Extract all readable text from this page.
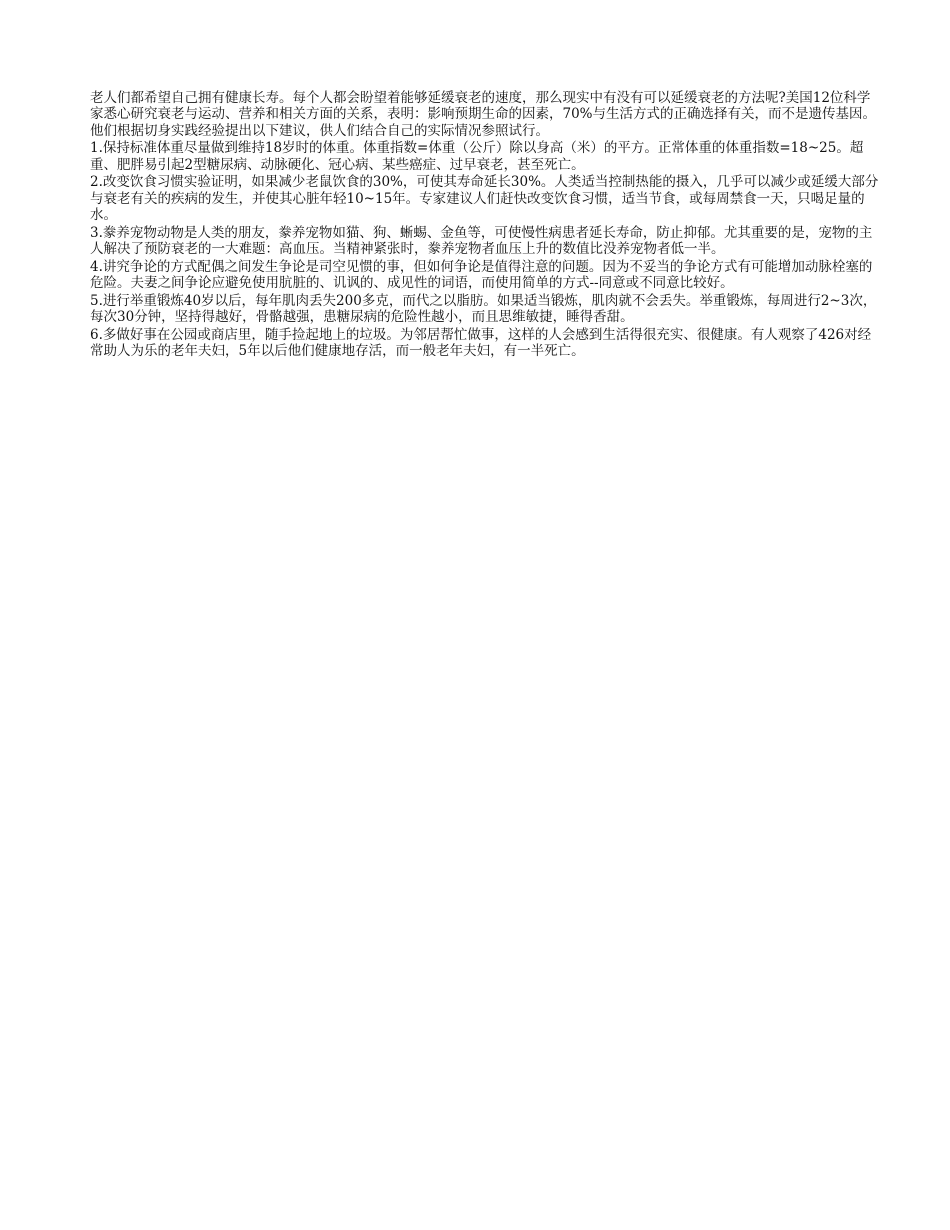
老人们都希望自己拥有健康长寿。每个人都会盼望着能够延缓衰老的速度，那么现实中有没有可以延缓衰老的方法呢?美国12位科学家悉心研究衰老与运动、营养和相关方面的关系，表明：影响预期生命的因素，70%与生活方式的正确选择有关，而不是遗传基因。他们根据切身实践经验提出以下建议，供人们结合自己的实际情况参照试行。

1.保持标准体重尽量做到维持18岁时的体重。体重指数=体重（公斤）除以身高（米）的平方。正常体重的体重指数=18~25。超重、肥胖易引起2型糖尿病、动脉硬化、冠心病、某些癌症、过早衰老，甚至死亡。

2.改变饮食习惯实验证明，如果减少老鼠饮食的30%，可使其寿命延长30%。人类适当控制热能的摄入，几乎可以减少或延缓大部分与衰老有关的疾病的发生，并使其心脏年轻10~15年。专家建议人们赶快改变饮食习惯，适当节食，或每周禁食一天，只喝足量的水。

3.豢养宠物动物是人类的朋友，豢养宠物如猫、狗、蜥蜴、金鱼等，可使慢性病患者延长寿命，防止抑郁。尤其重要的是，宠物的主人解决了预防衰老的一大难题：高血压。当精神紧张时，豢养宠物者血压上升的数值比没养宠物者低一半。

4.讲究争论的方式配偶之间发生争论是司空见惯的事，但如何争论是值得注意的问题。因为不妥当的争论方式有可能增加动脉栓塞的危险。夫妻之间争论应避免使用肮脏的、讥讽的、成见性的词语，而使用简单的方式--同意或不同意比较好。

5.进行举重锻炼40岁以后，每年肌肉丢失200多克，而代之以脂肪。如果适当锻炼，肌肉就不会丢失。举重锻炼，每周进行2~3次，每次30分钟，坚持得越好，骨骼越强，患糖尿病的危险性越小，而且思维敏捷，睡得香甜。

6.多做好事在公园或商店里，随手捡起地上的垃圾。为邻居帮忙做事，这样的人会感到生活得很充实、很健康。有人观察了426对经常助人为乐的老年夫妇，5年以后他们健康地存活，而一般老年夫妇，有一半死亡。
